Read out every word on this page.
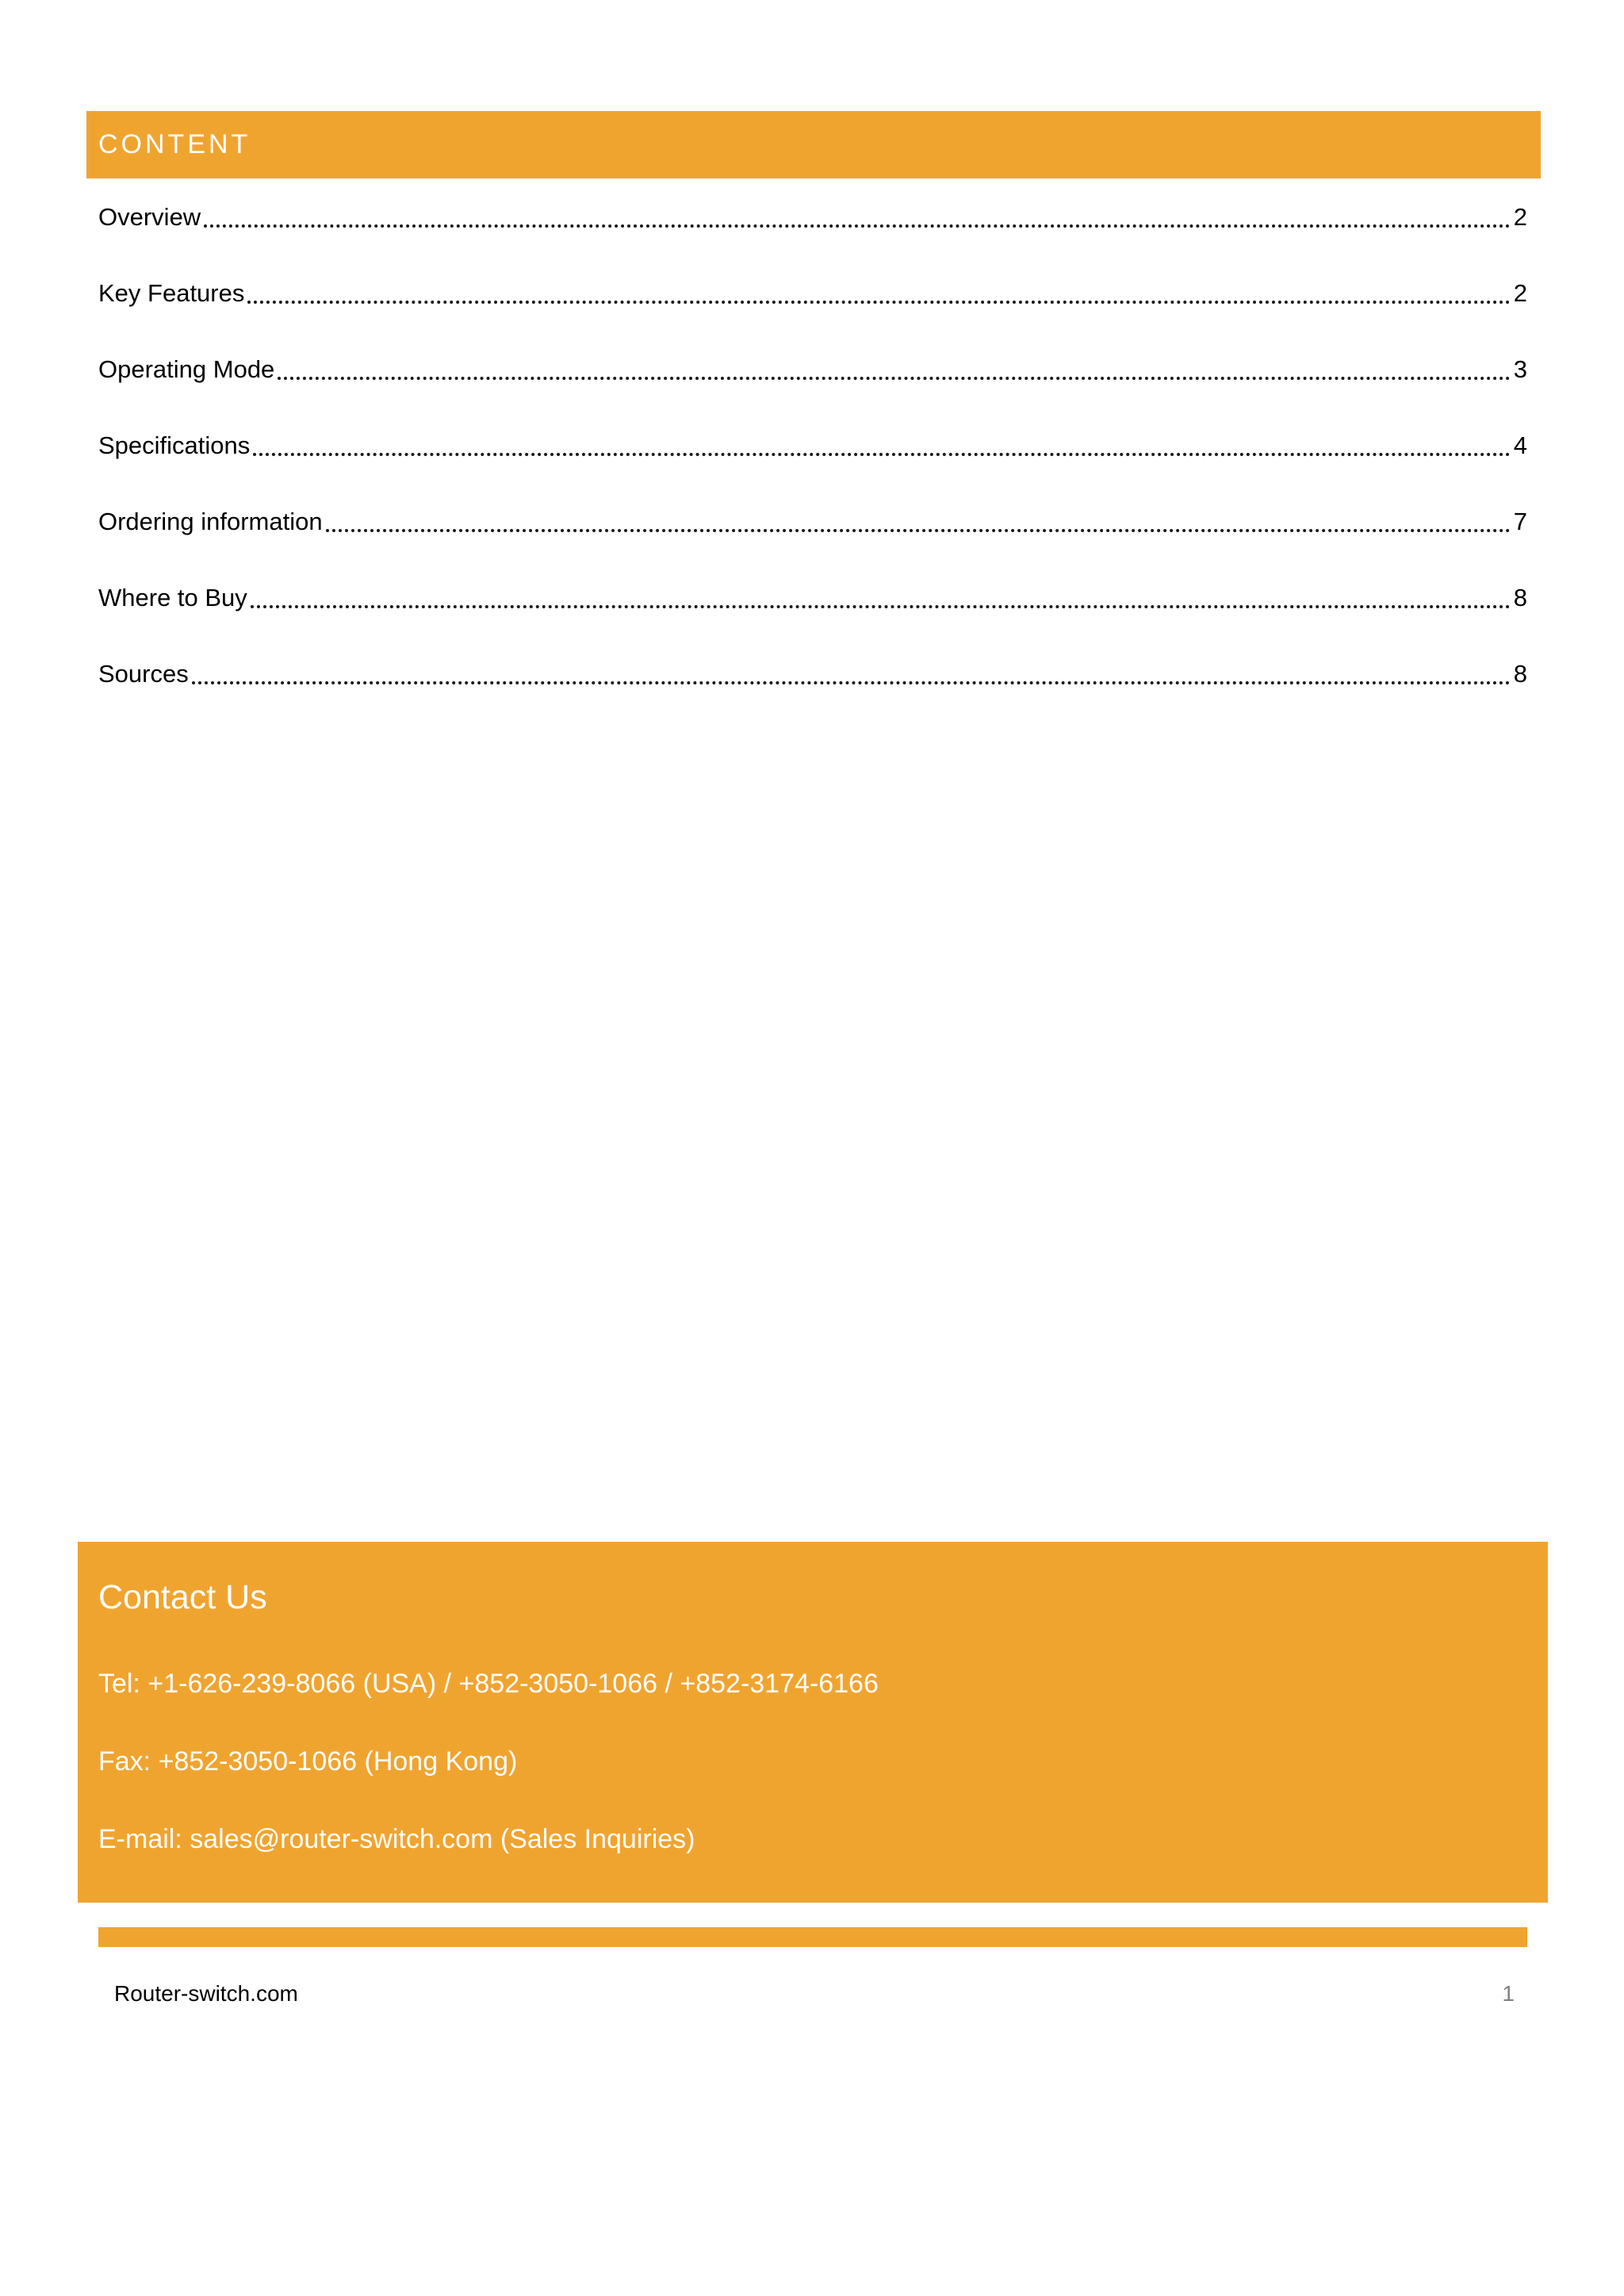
CONTENT
Overview	2
Key Features	2
Operating Mode	3
Specifications	4
Ordering information	7
Where to Buy	8
Sources	8
Contact Us
Tel: +1-626-239-8066 (USA) / +852-3050-1066 / +852-3174-6166
Fax: +852-3050-1066 (Hong Kong)
E-mail: sales@router-switch.com (Sales Inquiries)
Router-switch.com	1
